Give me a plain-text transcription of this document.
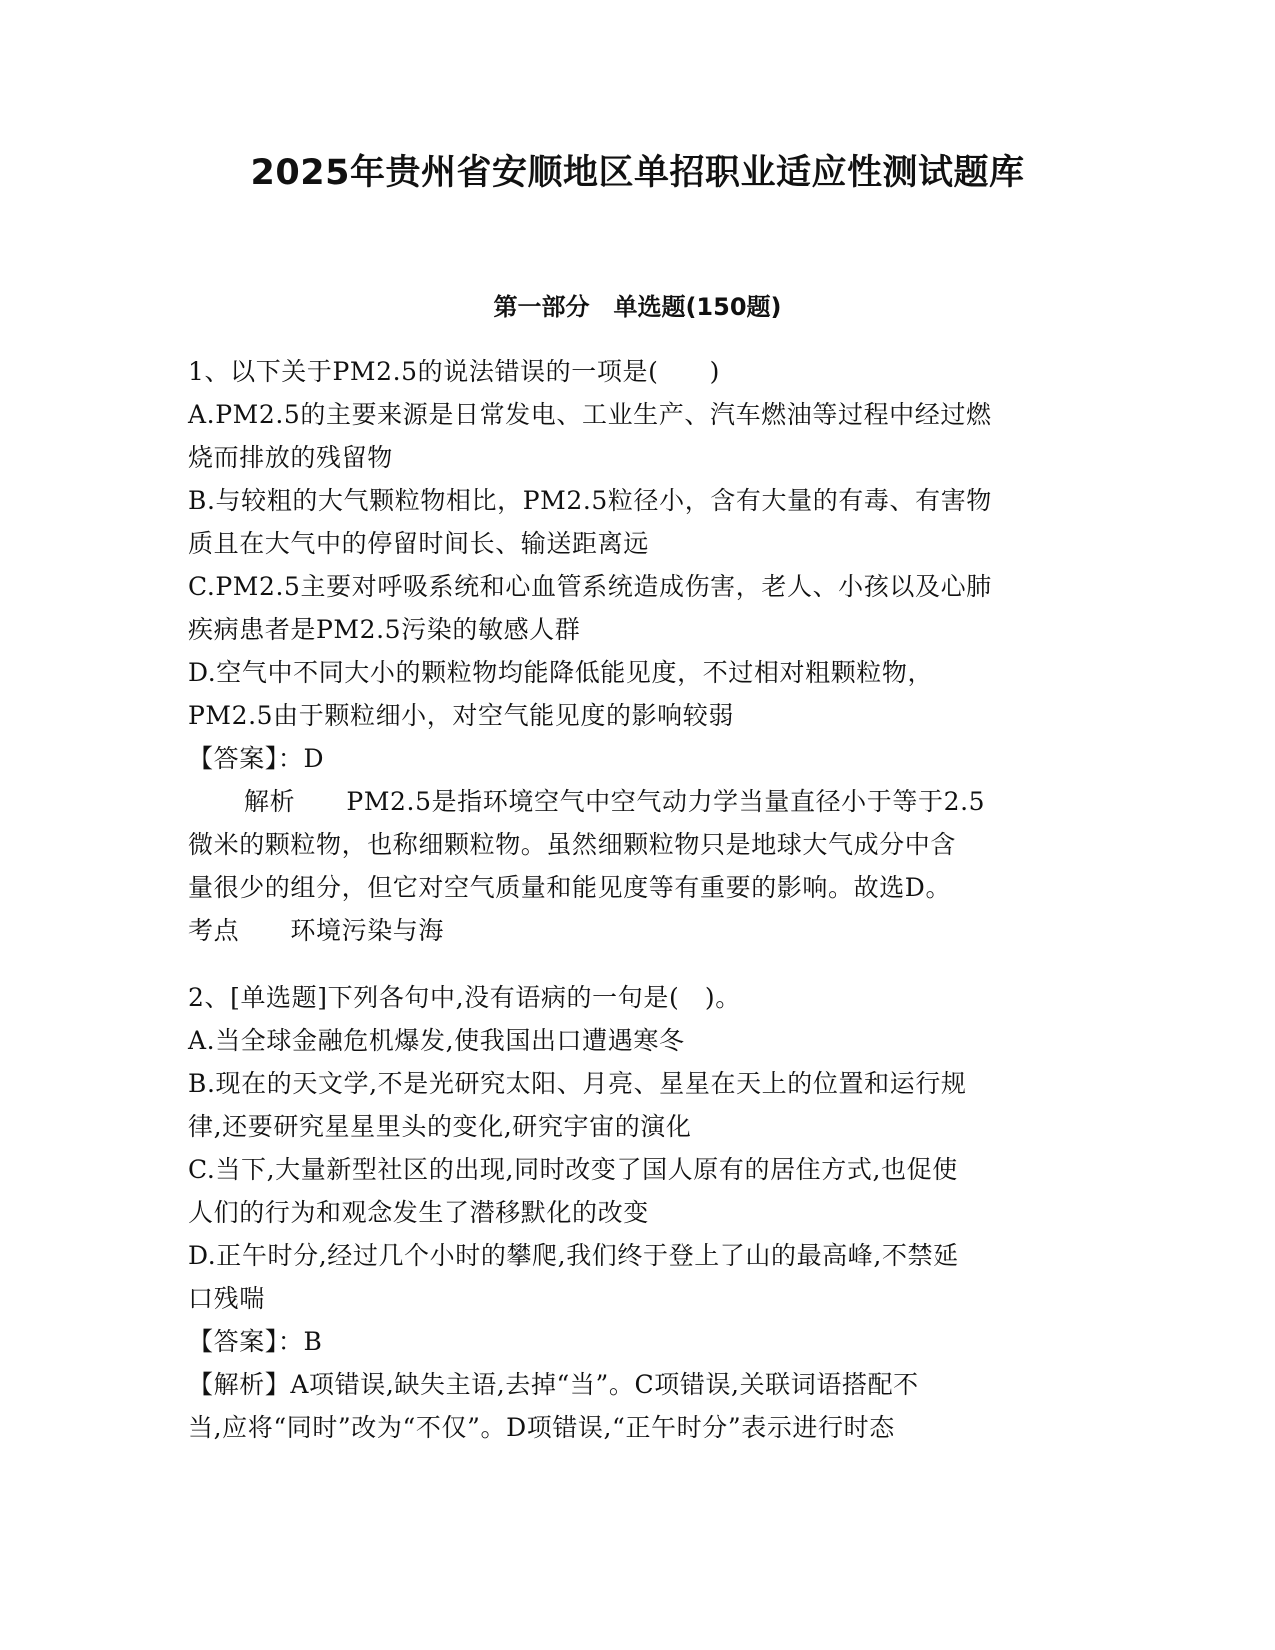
2025年贵州省安顺地区单招职业适应性测试题库
第一部分　单选题(150题)
1、以下关于PM2.5的说法错误的一项是(　　)
A.PM2.5的主要来源是日常发电、工业生产、汽车燃油等过程中经过燃
烧而排放的残留物
B.与较粗的大气颗粒物相比，PM2.5粒径小，含有大量的有毒、有害物
质且在大气中的停留时间长、输送距离远
C.PM2.5主要对呼吸系统和心血管系统造成伤害，老人、小孩以及心肺
疾病患者是PM2.5污染的敏感人群
D.空气中不同大小的颗粒物均能降低能见度，不过相对粗颗粒物，
PM2.5由于颗粒细小，对空气能见度的影响较弱
【答案】：D
解析　　PM2.5是指环境空气中空气动力学当量直径小于等于2.5
微米的颗粒物，也称细颗粒物。虽然细颗粒物只是地球大气成分中含
量很少的组分，但它对空气质量和能见度等有重要的影响。故选D。
考点　　环境污染与海
2、[单选题]下列各句中,没有语病的一句是(　)。
A.当全球金融危机爆发,使我国出口遭遇寒冬
B.现在的天文学,不是光研究太阳、月亮、星星在天上的位置和运行规
律,还要研究星星里头的变化,研究宇宙的演化
C.当下,大量新型社区的出现,同时改变了国人原有的居住方式,也促使
人们的行为和观念发生了潜移默化的改变
D.正午时分,经过几个小时的攀爬,我们终于登上了山的最高峰,不禁延
口残喘
【答案】：B
【解析】A项错误,缺失主语,去掉“当”。C项错误,关联词语搭配不
当,应将“同时”改为“不仅”。D项错误,“正午时分”表示进行时态
